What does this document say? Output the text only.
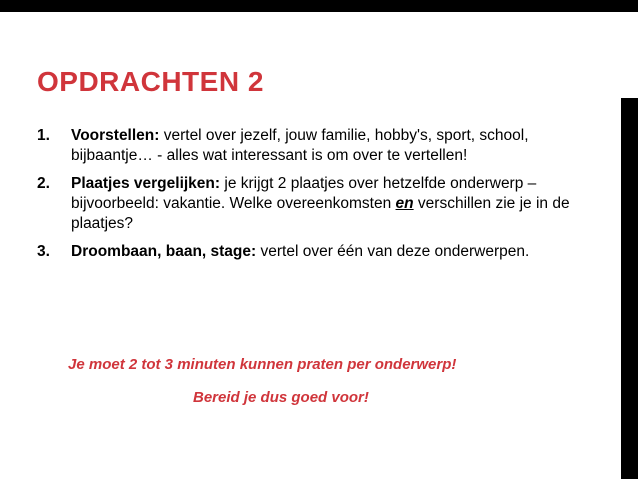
OPDRACHTEN 2
1. Voorstellen: vertel over jezelf, jouw familie, hobby's, sport, school, bijbaantje… - alles wat interessant is om over te vertellen!
2. Plaatjes vergelijken: je krijgt 2 plaatjes over hetzelfde onderwerp – bijvoorbeeld: vakantie. Welke overeenkomsten en verschillen zie je in de plaatjes?
3. Droombaan, baan, stage: vertel over één van deze onderwerpen.
Je moet 2 tot 3 minuten kunnen praten per onderwerp!
Bereid je dus goed voor!
